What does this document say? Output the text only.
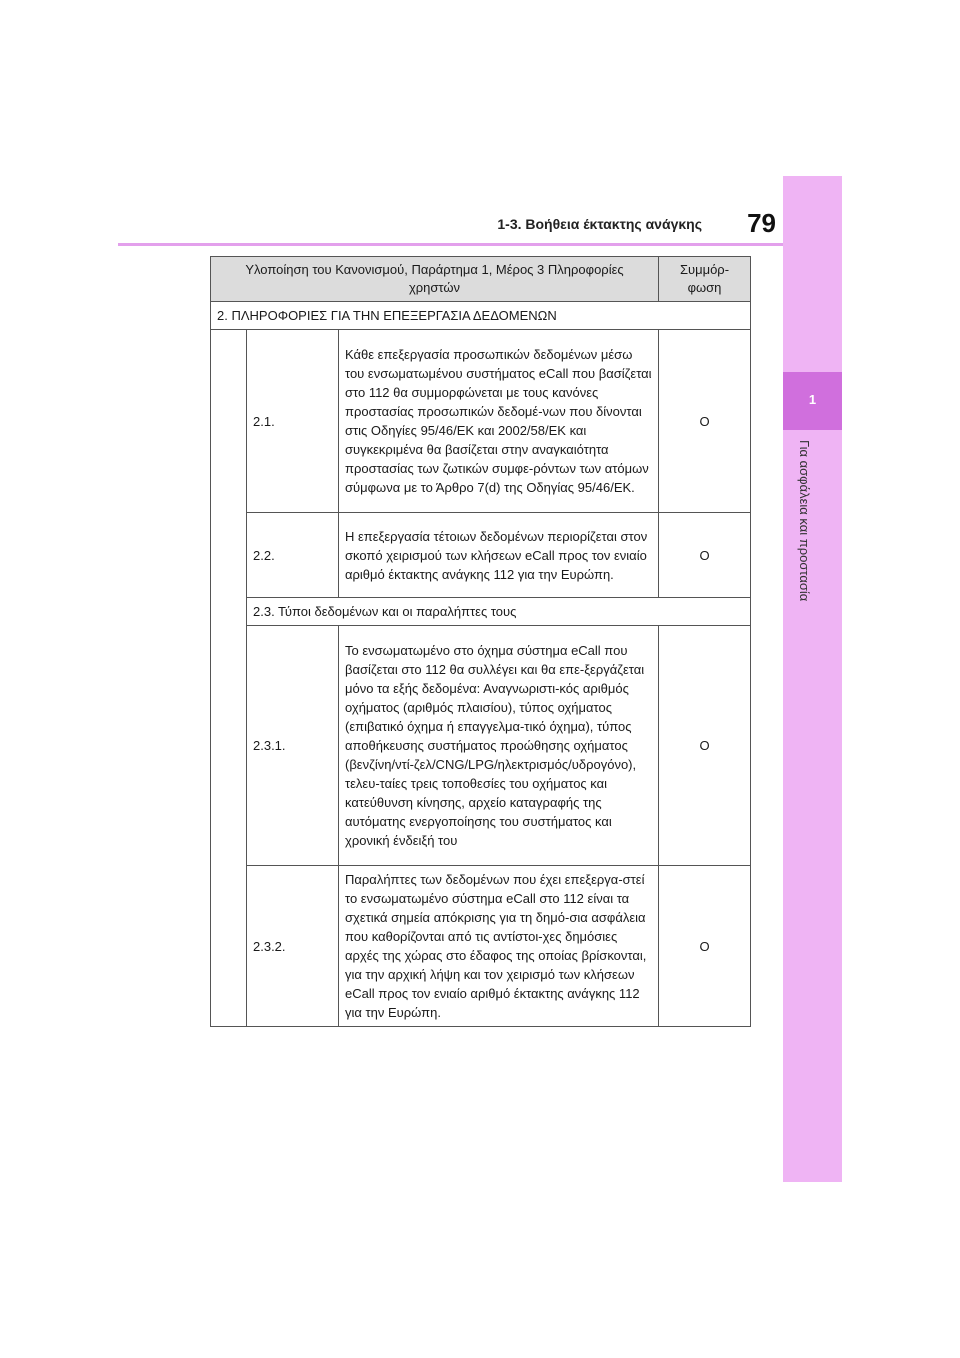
1
Για ασφάλεια και προστασία
1-3. Βοήθεια έκτακτης ανάγκης	79
Υλοποίηση του Κανονισμού, Παράρτημα 1, Μέρος 3 Πληροφορίες χρηστών			Συμμόρ-φωση
2. ΠΛΗΡΟΦΟΡΙΕΣ ΓΙΑ ΤΗΝ ΕΠΕΞΕΡΓΑΣΙΑ ΔΕΔΟΜΕΝΩΝ			
	2.1.	Κάθε επεξεργασία προσωπικών δεδομένων μέσω του ενσωματωμένου συστήματος eCall που βασίζεται στο 112 θα συμμορφώνεται με τους κανόνες προστασίας προσωπικών δεδομέ-νων που δίνονται στις Οδηγίες 95/46/ΕΚ και 2002/58/ΕΚ και συγκεκριμένα θα βασίζεται στην αναγκαιότητα προστασίας των ζωτικών συμφε-ρόντων των ατόμων σύμφωνα με το Άρθρο 7(d) της Οδηγίας 95/46/ΕΚ.	O
	2.2.	Η επεξεργασία τέτοιων δεδομένων περιορίζεται στον σκοπό χειρισμού των κλήσεων eCall προς τον ενιαίο αριθμό έκτακτης ανάγκης 112 για την Ευρώπη.	O
	2.3. Τύποι δεδομένων και οι παραλήπτες τους		
	2.3.1.	Το ενσωματωμένο στο όχημα σύστημα eCall που βασίζεται στο 112 θα συλλέγει και θα επε-ξεργάζεται μόνο τα εξής δεδομένα: Αναγνωριστι-κός αριθμός οχήματος (αριθμός πλαισίου), τύπος οχήματος (επιβατικό όχημα ή επαγγελμα-τικό όχημα), τύπος αποθήκευσης συστήματος προώθησης οχήματος (βενζίνη/ντί-ζελ/CNG/LPG/ηλεκτρισμός/υδρογόνο), τελευ-ταίες τρεις τοποθεσίες του οχήματος και κατεύθυνση κίνησης, αρχείο καταγραφής της αυτόματης ενεργοποίησης του συστήματος και χρονική ένδειξή του	O
	2.3.2.	Παραλήπτες των δεδομένων που έχει επεξεργα-στεί το ενσωματωμένο σύστημα eCall στο 112 είναι τα σχετικά σημεία απόκρισης για τη δημό-σια ασφάλεια που καθορίζονται από τις αντίστοι-χες δημόσιες αρχές της χώρας στο έδαφος της οποίας βρίσκονται, για την αρχική λήψη και τον χειρισμό των κλήσεων eCall προς τον ενιαίο αριθμό έκτακτης ανάγκης 112 για την Ευρώπη.	O
